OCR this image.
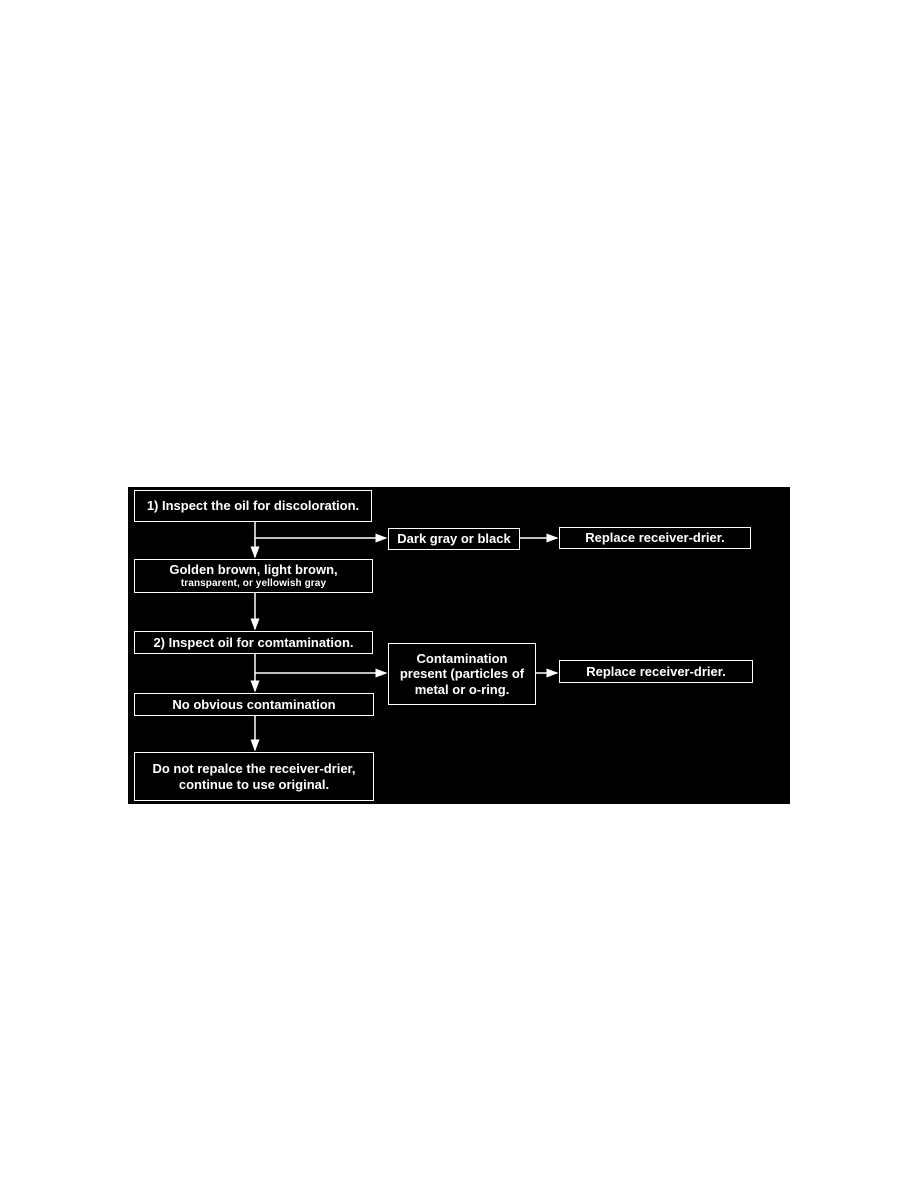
1) Inspect the oil for discoloration.
Dark gray or black	Replace receiver-drier.
Golden brown, light brown,
transparent, or yellowish gray
2) Inspect oil for comtamination.
Contamination
present (particles of
metal or o-ring.
Replace receiver-drier.
No obvious contamination
Do not repalce the receiver-drier,
continue to use original.
